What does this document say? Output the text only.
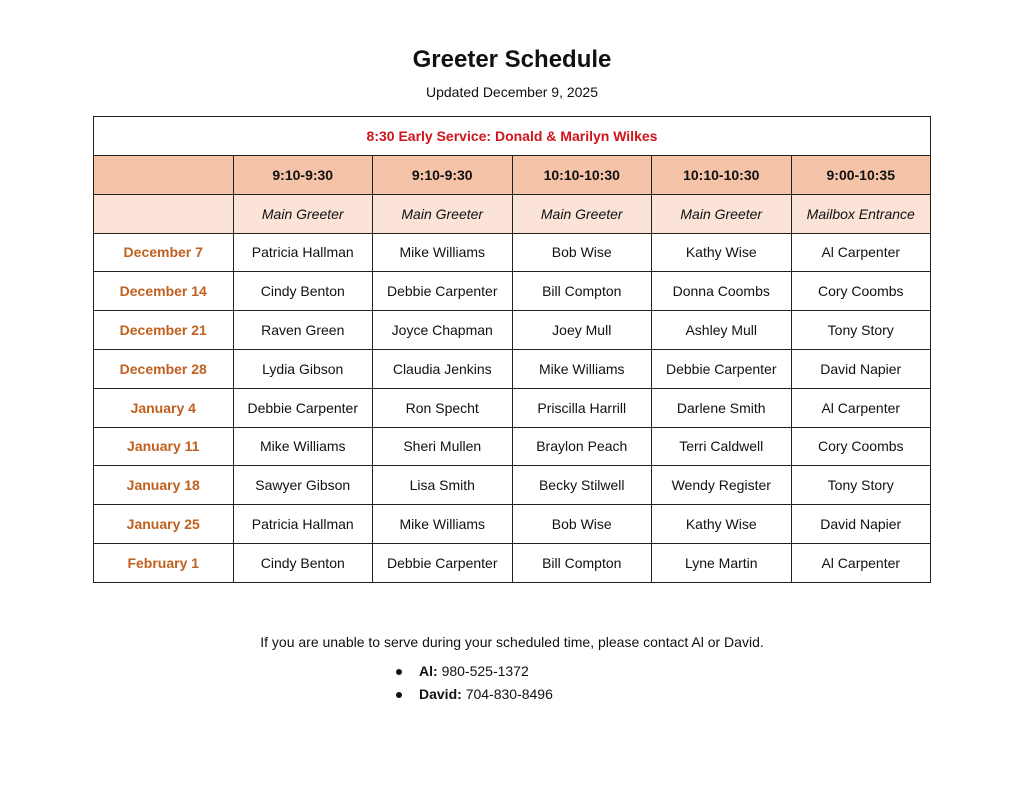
Greeter Schedule
Updated December 9, 2025
8:30 Early Service: Donald & Marilyn Wilkes					
	9:10-9:30	9:10-9:30	10:10-10:30	10:10-10:30	9:00-10:35
	Main Greeter	Main Greeter	Main Greeter	Main Greeter	Mailbox Entrance
December 7	Patricia Hallman	Mike Williams	Bob Wise	Kathy Wise	Al Carpenter
December 14	Cindy Benton	Debbie Carpenter	Bill Compton	Donna Coombs	Cory Coombs
December 21	Raven Green	Joyce Chapman	Joey Mull	Ashley Mull	Tony Story
December 28	Lydia Gibson	Claudia Jenkins	Mike Williams	Debbie Carpenter	David Napier
January 4	Debbie Carpenter	Ron Specht	Priscilla Harrill	Darlene Smith	Al Carpenter
January 11	Mike Williams	Sheri Mullen	Braylon Peach	Terri Caldwell	Cory Coombs
January 18	Sawyer Gibson	Lisa Smith	Becky Stilwell	Wendy Register	Tony Story
January 25	Patricia Hallman	Mike Williams	Bob Wise	Kathy Wise	David Napier
February 1	Cindy Benton	Debbie Carpenter	Bill Compton	Lyne Martin	Al Carpenter
If you are unable to serve during your scheduled time, please contact Al or David.
Al: 980-525-1372
David: 704-830-8496
